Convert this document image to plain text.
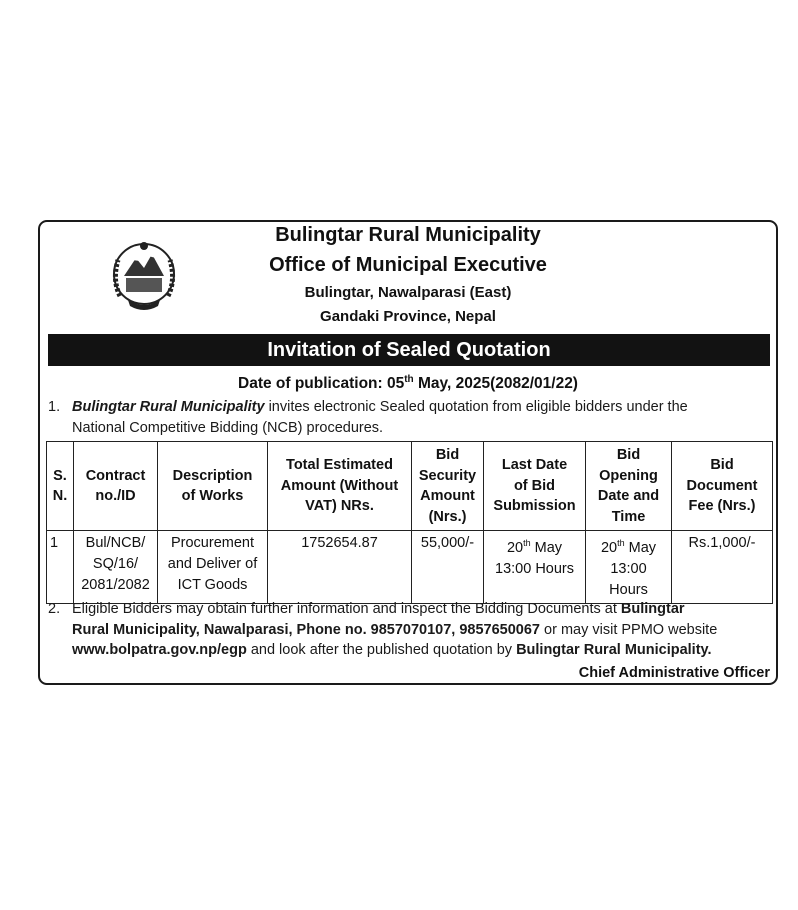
Bulingtar Rural Municipality
Office of Municipal Executive
Bulingtar, Nawalparasi (East)
Gandaki Province, Nepal
Invitation of Sealed Quotation
Date of publication: 05th May, 2025(2082/01/22)
1. Bulingtar Rural Municipality invites electronic Sealed quotation from eligible bidders under the
National Competitive Bidding (NCB) procedures.
S.
N.	Contract
no./ID	Description
of Works	Total Estimated
Amount (Without
VAT) NRs.	Bid
Security
Amount
(Nrs.)	Last Date
of Bid
Submission	Bid
Opening
Date and
Time	Bid
Document
Fee (Nrs.)
1	Bul/NCB/
SQ/16/
2081/2082	Procurement
and Deliver of
ICT Goods	1752654.87	55,000/-	20th May
13:00 Hours	20th May
13:00
Hours	Rs.1,000/-
2. Eligible Bidders may obtain further information and inspect the Bidding Documents at Bulingtar
Rural Municipality, Nawalparasi, Phone no. 9857070107, 9857650067 or may visit PPMO website
www.bolpatra.gov.np/egp and look after the published quotation by Bulingtar Rural Municipality.
Chief Administrative Officer
